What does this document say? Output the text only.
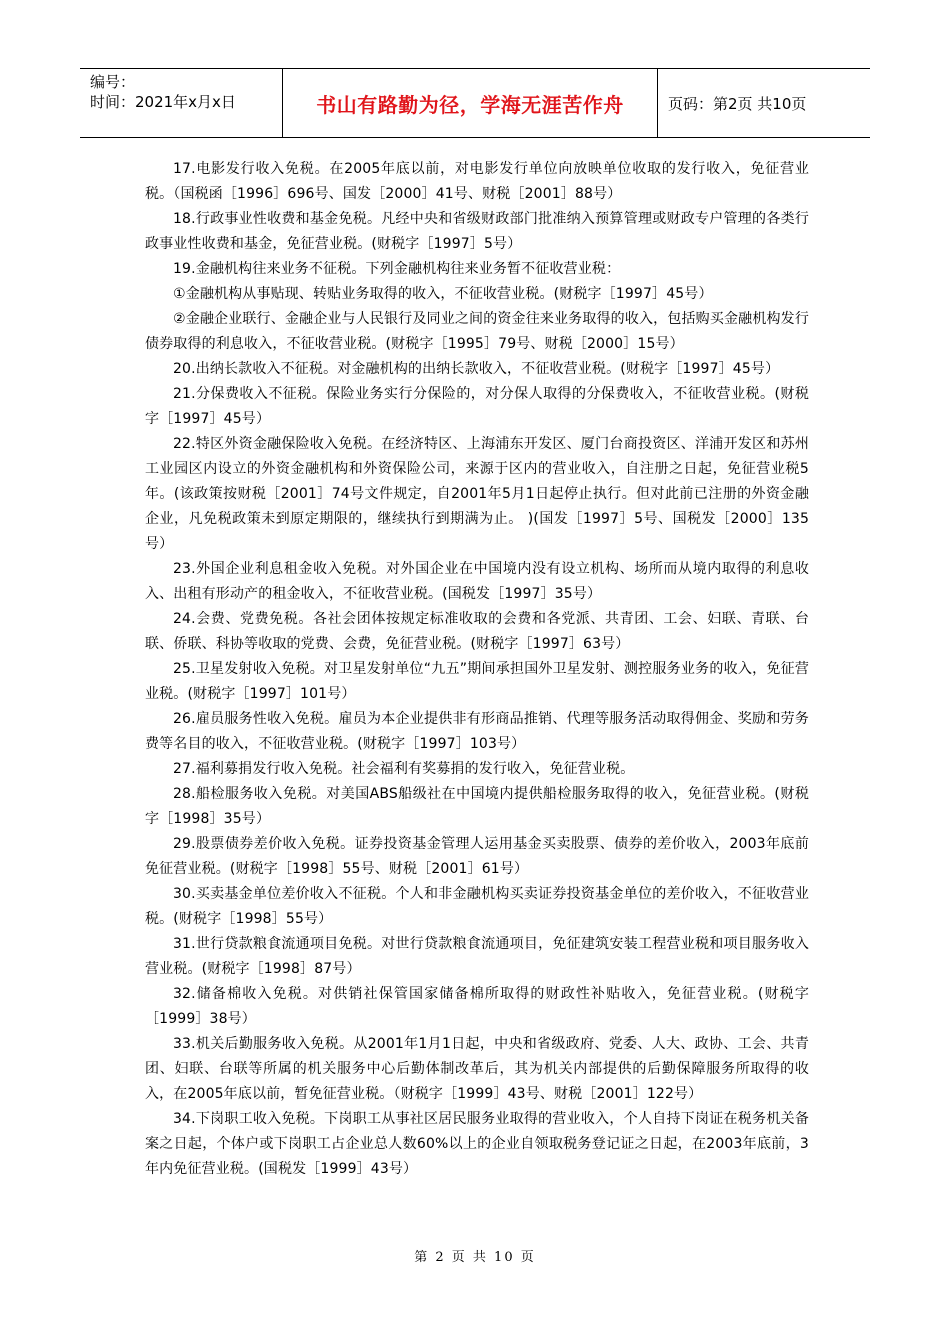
编号：
时间：2021年x月x日	书山有路勤为径，学海无涯苦作舟	页码：第2页 共10页

17.电影发行收入免税。在2005年底以前，对电影发行单位向放映单位收取的发行收入，免征营业税。（国税函［1996］696号、国发［2000］41号、财税［2001］88号）

18.行政事业性收费和基金免税。凡经中央和省级财政部门批准纳入预算管理或财政专户管理的各类行政事业性收费和基金，免征营业税。(财税字［1997］5号）

19.金融机构往来业务不征税。下列金融机构往来业务暂不征收营业税：

①金融机构从事贴现、转贴业务取得的收入，不征收营业税。(财税字［1997］45号）

②金融企业联行、金融企业与人民银行及同业之间的资金往来业务取得的收入，包括购买金融机构发行债券取得的利息收入，不征收营业税。(财税字［1995］79号、财税［2000］15号）

20.出纳长款收入不征税。对金融机构的出纳长款收入，不征收营业税。(财税字［1997］45号）

21.分保费收入不征税。保险业务实行分保险的，对分保人取得的分保费收入，不征收营业税。(财税字［1997］45号）

22.特区外资金融保险收入免税。在经济特区、上海浦东开发区、厦门台商投资区、洋浦开发区和苏州工业园区内设立的外资金融机构和外资保险公司，来源于区内的营业收入，自注册之日起，免征营业税5年。(该政策按财税［2001］74号文件规定，自2001年5月1日起停止执行。但对此前已注册的外资金融企业，凡免税政策未到原定期限的，继续执行到期满为止。 )(国发［1997］5号、国税发［2000］135号）

23.外国企业利息租金收入免税。对外国企业在中国境内没有设立机构、场所而从境内取得的利息收入、出租有形动产的租金收入，不征收营业税。(国税发［1997］35号）

24.会费、党费免税。各社会团体按规定标准收取的会费和各党派、共青团、工会、妇联、青联、台联、侨联、科协等收取的党费、会费，免征营业税。(财税字［1997］63号）

25.卫星发射收入免税。对卫星发射单位“九五”期间承担国外卫星发射、测控服务业务的收入，免征营业税。(财税字［1997］101号）

26.雇员服务性收入免税。雇员为本企业提供非有形商品推销、代理等服务活动取得佣金、奖励和劳务费等名目的收入，不征收营业税。(财税字［1997］103号）

27.福利募捐发行收入免税。社会福利有奖募捐的发行收入，免征营业税。

28.船检服务收入免税。对美国ABS船级社在中国境内提供船检服务取得的收入，免征营业税。(财税字［1998］35号）

29.股票债券差价收入免税。证券投资基金管理人运用基金买卖股票、债券的差价收入，2003年底前免征营业税。(财税字［1998］55号、财税［2001］61号）

30.买卖基金单位差价收入不征税。个人和非金融机构买卖证券投资基金单位的差价收入，不征收营业税。(财税字［1998］55号）

31.世行贷款粮食流通项目免税。对世行贷款粮食流通项目，免征建筑安装工程营业税和项目服务收入营业税。(财税字［1998］87号）

32.储备棉收入免税。对供销社保管国家储备棉所取得的财政性补贴收入，免征营业税。(财税字［1999］38号）

33.机关后勤服务收入免税。从2001年1月1日起，中央和省级政府、党委、人大、政协、工会、共青团、妇联、台联等所属的机关服务中心后勤体制改革后，其为机关内部提供的后勤保障服务所取得的收入，在2005年底以前，暂免征营业税。（财税字［1999］43号、财税［2001］122号）

34.下岗职工收入免税。下岗职工从事社区居民服务业取得的营业收入，个人自持下岗证在税务机关备案之日起，个体户或下岗职工占企业总人数60%以上的企业自领取税务登记证之日起，在2003年底前，3年内免征营业税。(国税发［1999］43号）

第 2 页 共 10 页
